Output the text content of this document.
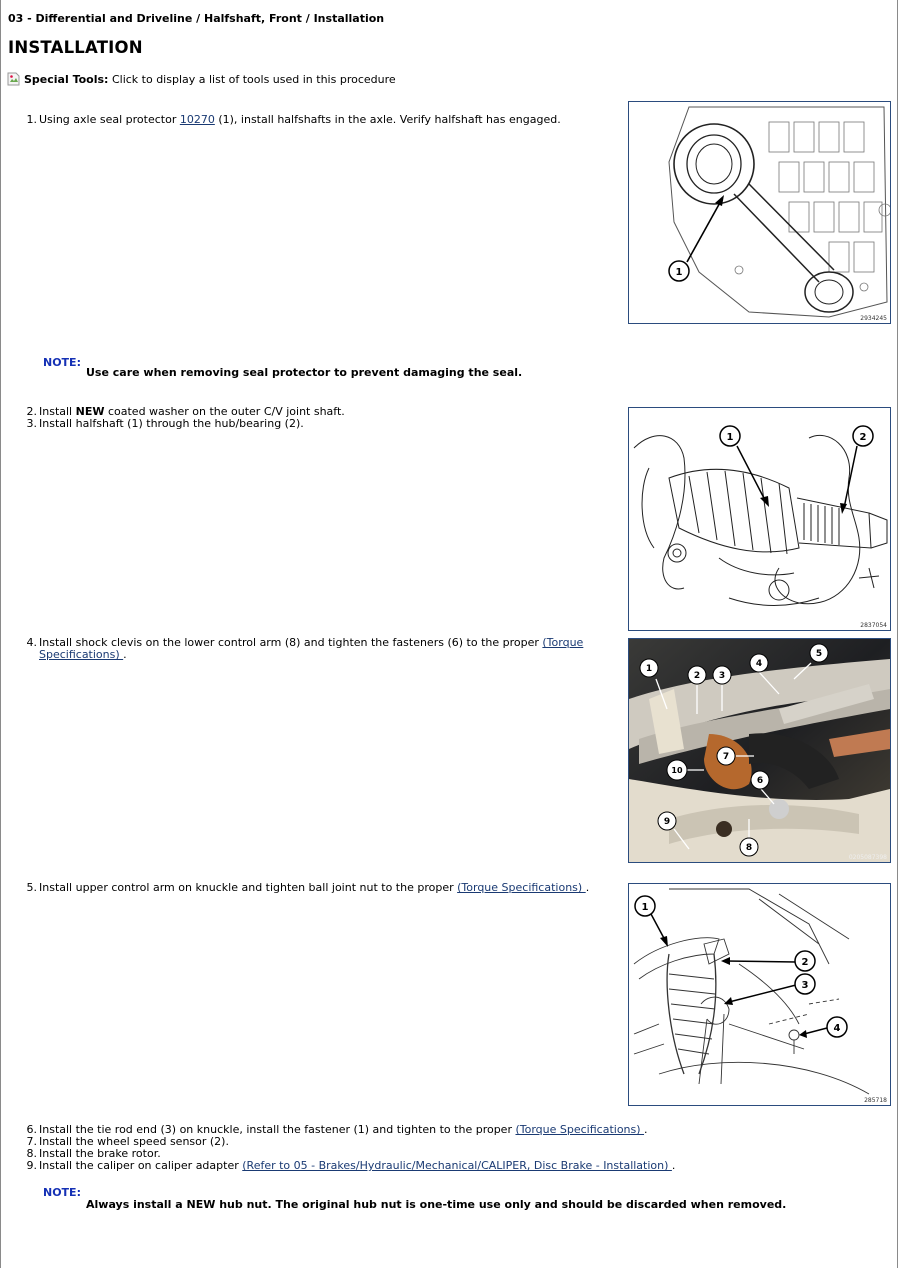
03 - Differential and Driveline / Halfshaft, Front / Installation
INSTALLATION
Special Tools:
Click to display a list of tools used in this procedure
1. Using axle seal protector 10270 (1), install halfshafts in the axle. Verify halfshaft has engaged.
NOTE:
Use care when removing seal protector to prevent damaging the seal.
2. Install NEW coated washer on the outer C/V joint shaft.
3. Install halfshaft (1) through the hub/bearing (2).
4. Install shock clevis on the lower control arm (8) and tighten the fasteners (6) to the proper (Torque
Specifications) .
5. Install upper control arm on knuckle and tighten ball joint nut to the proper (Torque Specifications) .
6. Install the tie rod end (3) on knuckle, install the fastener (1) and tighten to the proper (Torque Specifications) .
7. Install the wheel speed sensor (2).
8. Install the brake rotor.
9. Install the caliper on caliper adapter (Refer to 05 - Brakes/Hydraulic/Mechanical/CALIPER, Disc Brake - Installation) .
NOTE:
Always install a NEW hub nut. The original hub nut is one-time use only and should be discarded when removed.
1
2934245
1	2
2837054
1
2 3
4
5
6
7
8
9
10
0205087398
1
2
3
4
285718
